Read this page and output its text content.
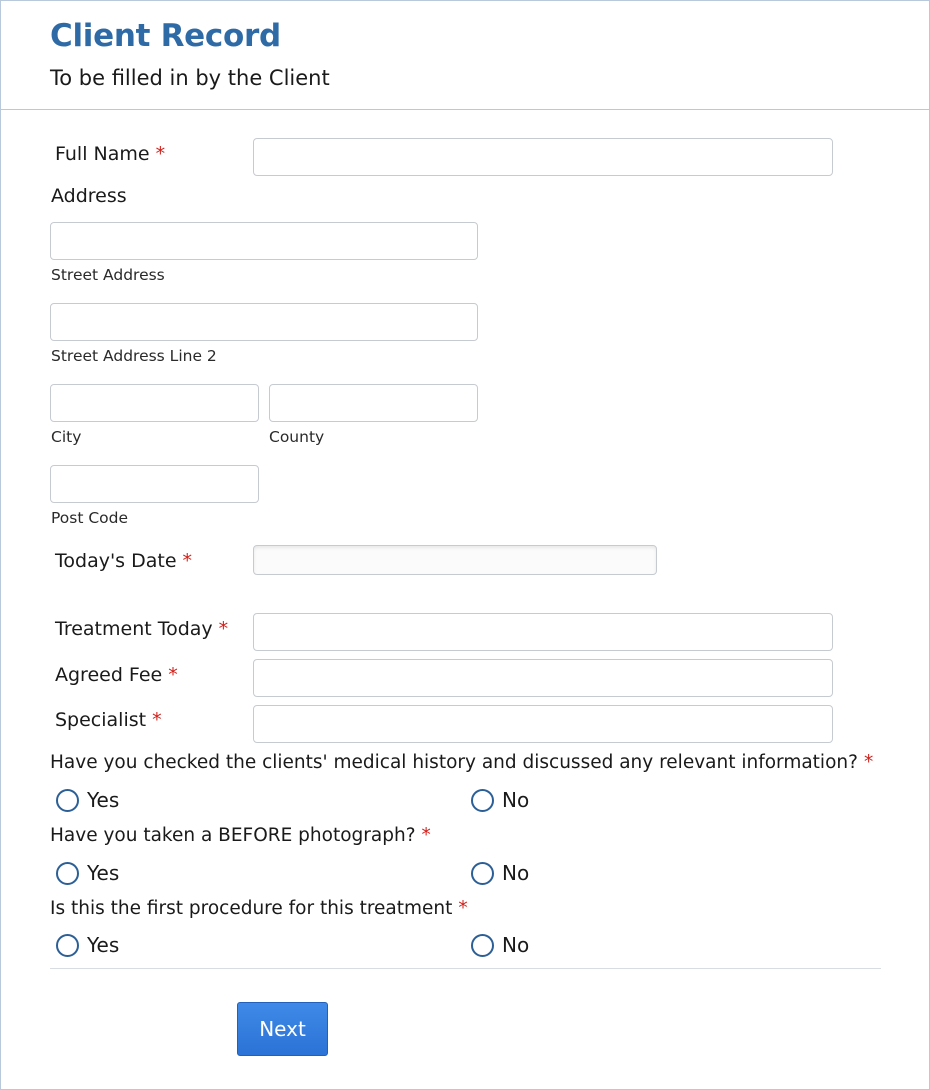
Client Record
To be filled in by the Client
Full Name *
Address
Street Address
Street Address Line 2
City	County
Post Code
Today's Date *
Treatment Today *
Agreed Fee *
Specialist *
Have you checked the clients' medical history and discussed any relevant information? *
Yes	No
Have you taken a BEFORE photograph? *
Yes	No
Is this the first procedure for this treatment *
Yes	No
Next
